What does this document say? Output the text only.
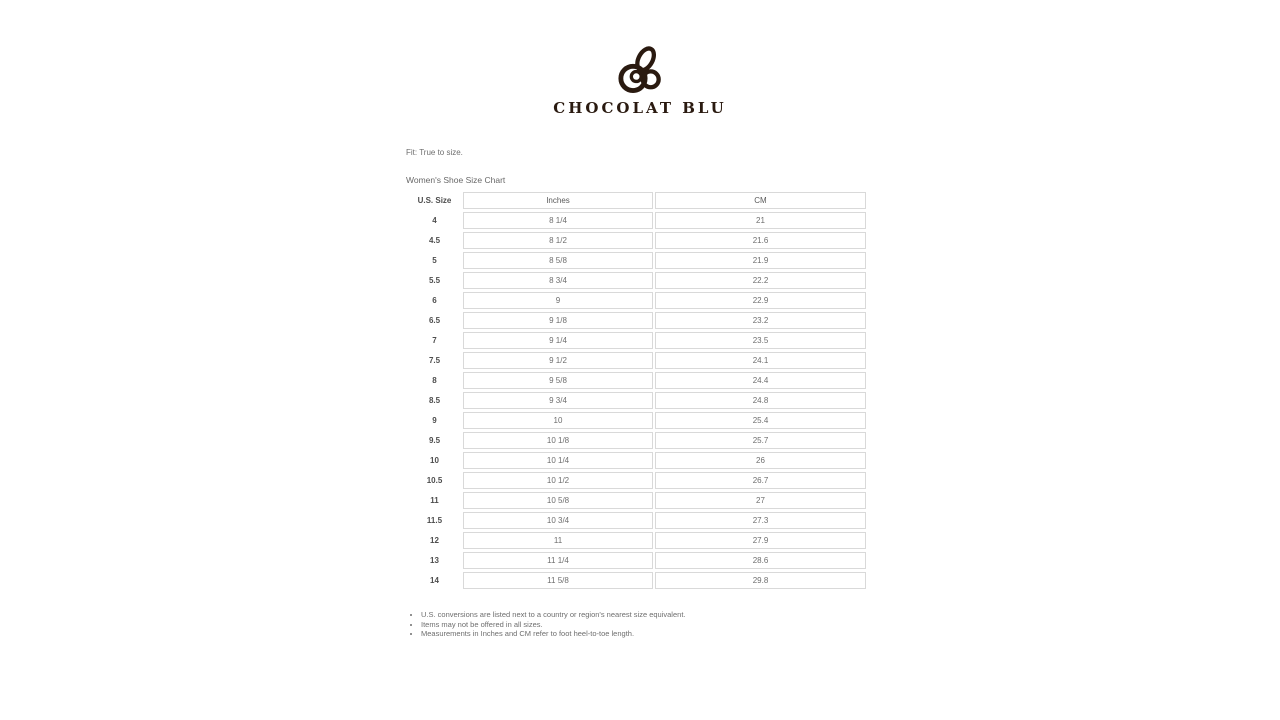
CHOCOLAT BLU
Fit: True to size.
Women's Shoe Size Chart
U.S. Size	Inches	CM
4	8 1/4	21
4.5	8 1/2	21.6
5	8 5/8	21.9
5.5	8 3/4	22.2
6	9	22.9
6.5	9 1/8	23.2
7	9 1/4	23.5
7.5	9 1/2	24.1
8	9 5/8	24.4
8.5	9 3/4	24.8
9	10	25.4
9.5	10 1/8	25.7
10	10 1/4	26
10.5	10 1/2	26.7
11	10 5/8	27
11.5	10 3/4	27.3
12	11	27.9
13	11 1/4	28.6
14	11 5/8	29.8
• U.S. conversions are listed next to a country or region's nearest size equivalent.
• Items may not be offered in all sizes.
• Measurements in Inches and CM refer to foot heel-to-toe length.
